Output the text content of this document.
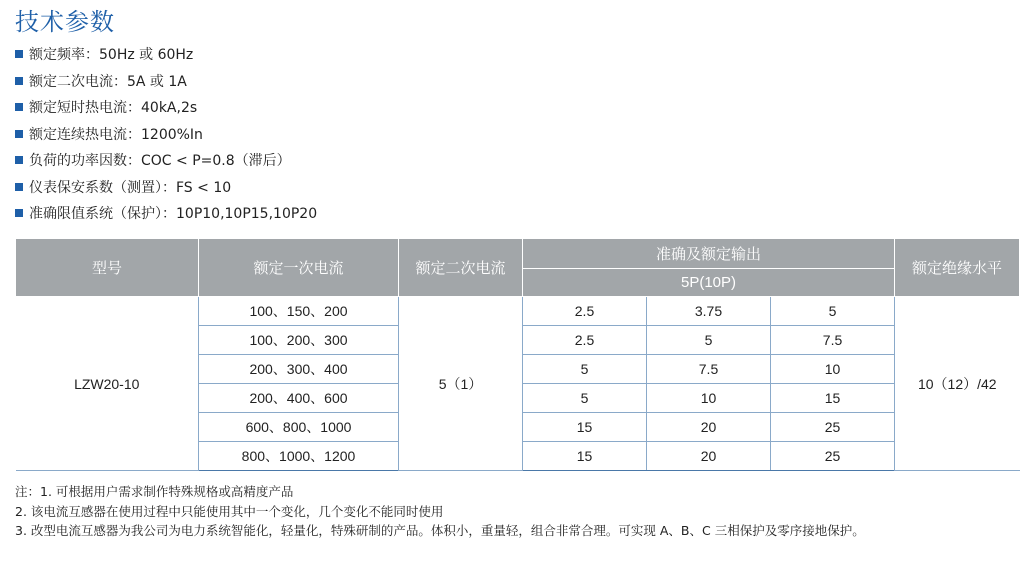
技术参数
额定频率：50Hz 或 60Hz
额定二次电流：5A 或 1A
额定短时热电流：40kA,2s
额定连续热电流：1200%In
负荷的功率因数：COC < P=0.8（滞后）
仪表保安系数（测置）：FS < 10
准确限值系统（保护）：10P10,10P15,10P20
型号	额定一次电流	额定二次电流	准确及额定输出			额定绝缘水平
			5P(10P)			
LZW20-10	100、150、200	5（1）	2.5	3.75	5	10（12）/42
	100、200、300		2.5	5	7.5	
	200、300、400		5	7.5	10	
	200、400、600		5	10	15	
	600、800、1000		15	20	25	
	800、1000、1200		15	20	25	
注：1. 可根据用户需求制作特殊规格或高精度产品
2. 该电流互感器在使用过程中只能使用其中一个变化，几个变化不能同时使用
3. 改型电流互感器为我公司为电力系统智能化，轻量化，特殊研制的产品。体积小，重量轻，组合非常合理。可实现 A、B、C 三相保护及零序接地保护。
